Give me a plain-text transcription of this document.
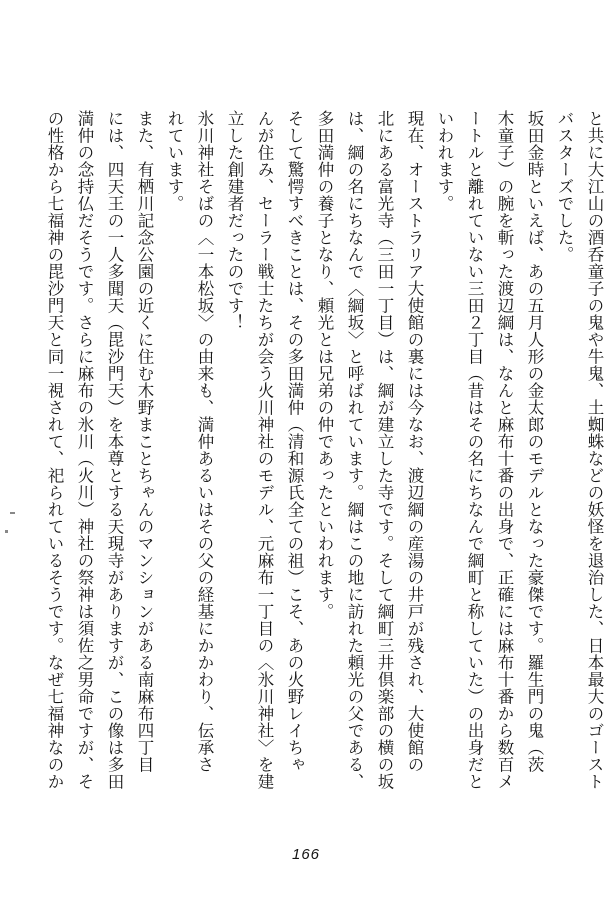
と共に大江山の酒呑童子の鬼や牛鬼、土蜘蛛などの妖怪を退治した、日本最大のゴースト
バスターズでした。
坂田金時といえば、あの五月人形の金太郎のモデルとなった豪傑です。羅生門の鬼（茨
木童子）の腕を斬った渡辺綱は、なんと麻布十番の出身で、正確には麻布十番から数百メ
ートルと離れていない三田２丁目（昔はその名にちなんで綱町と称していた）の出身だと
いわれます。
現在、オーストラリア大使館の裏には今なお、渡辺綱の産湯の井戸が残され、大使館の
北にある富光寺（三田一丁目）は、綱が建立した寺です。そして綱町三井倶楽部の横の坂
は、綱の名にちなんで〈綱坂〉と呼ばれています。綱はこの地に訪れた頼光の父である、
多田満仲の養子となり、頼光とは兄弟の仲であったといわれます。
そして驚愕すべきことは、その多田満仲（清和源氏全ての祖）こそ、あの火野レイちゃ
んが住み、セーラー戦士たちが会う火川神社のモデル、元麻布一丁目の〈氷川神社〉を建
立した創建者だったのです！
氷川神社そばの〈一本松坂〉の由来も、満仲あるいはその父の経基にかかわり、伝承さ
れています。
また、有栖川記念公園の近くに住む木野まことちゃんのマンションがある南麻布四丁目
には、四天王の一人多聞天（毘沙門天）を本尊とする天現寺がありますが、この像は多田
満仲の念持仏だそうです。さらに麻布の氷川（火川）神社の祭神は須佐之男命ですが、そ
の性格から七福神の毘沙門天と同一視されて、祀られているそうです。なぜ七福神なのか
166
